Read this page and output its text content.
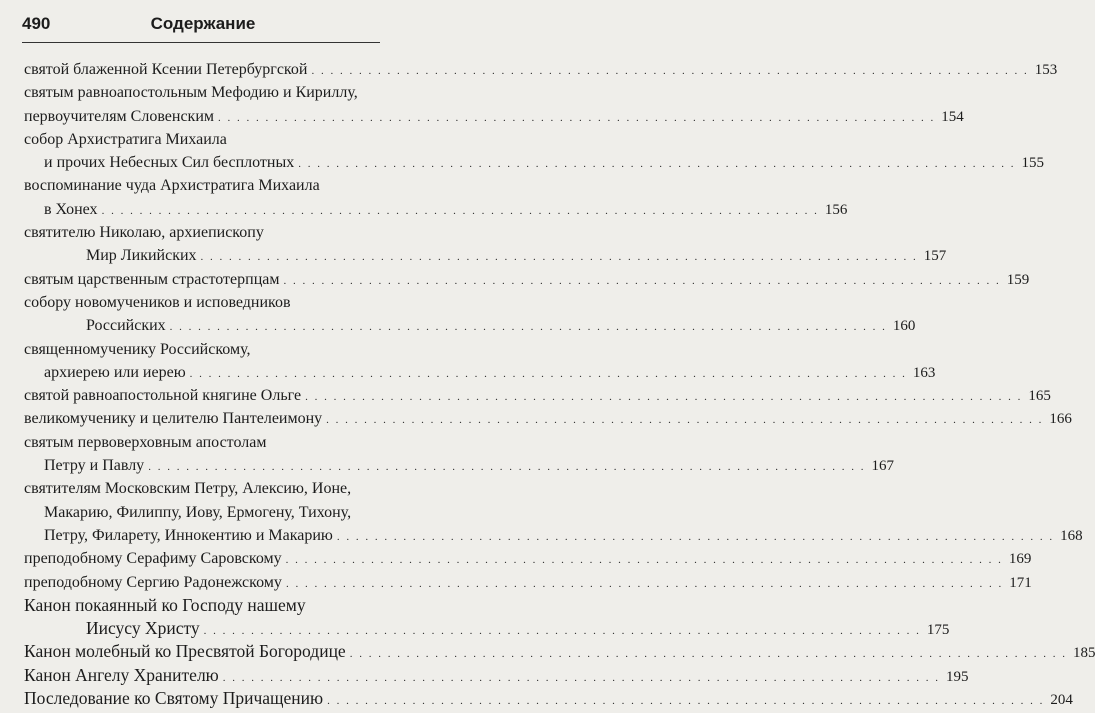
490	Содержание
святой блаженной Ксении Петербургской . . .	153
святым равноапостольным Мефодию и Кириллу,
первоучителям Словенским . . .	154
собор Архистратига Михаила
и прочих Небесных Сил бесплотных . . .	155
воспоминание чуда Архистратига Михаила
в Хонех . . .	156
святителю Николаю, архиепископу
Мир Ликийских . . .	157
святым царственным страстотерпцам . . .	159
собору новомучеников и исповедников
Российских . . .	160
священномученику Российскому,
архиерею или иерею . . .	163
святой равноапостольной княгине Ольге . . .	165
великомученику и целителю Пантелеимону . . .	166
святым первоверховным апостолам
Петру и Павлу . . .	167
святителям Московским Петру, Алексию, Ионе,
Макарию, Филиппу, Иову, Ермогену, Тихону,
Петру, Филарету, Иннокентию и Макарию . . .	168
преподобному Серафиму Саровскому . . .	169
преподобному Сергию Радонежскому . . .	171
Канон покаянный ко Господу нашему
Иисусу Христу . . .	175
Канон молебный ко Пресвятой Богородице . . .	185
Канон Ангелу Хранителю . . .	195
Последование ко Святому Причащению . . .	204
